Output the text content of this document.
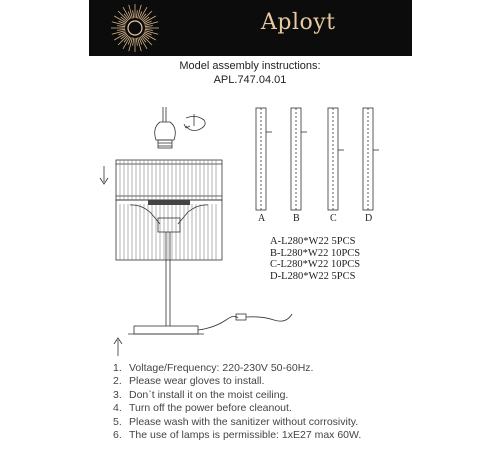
Aployt
Model assembly instructions:
APL.747.04.01
A	B	C	D
A-L280*W22 5PCS
B-L280*W22 10PCS
C-L280*W22 10PCS
D-L280*W22 5PCS
1. Voltage/Frequency: 220-230V 50-60Hz.
2. Please wear gloves to install.
3. Don`t install it on the moist ceiling.
4. Turn off the power before cleanout.
5. Please wash with the sanitizer without corrosivity.
6. The use of lamps is permissible: 1xE27 max 60W.
